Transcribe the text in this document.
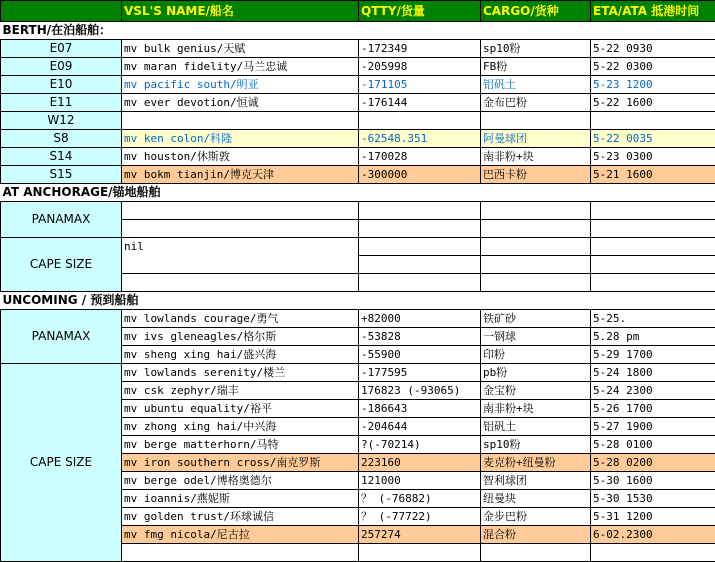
	VSL'S NAME/船名	QTTY/货量	CARGO/货种	ETA/ATA 抵港时间
BERTH/在泊船舶：				
E07	mv bulk genius/天赋	-172349	sp10粉	5-22 0930
E09	mv maran fidelity/马兰忠诚	-205998	FB粉	5-22 0300
E10	mv pacific south/明亚	-171105	铝矾土	5-23 1200
E11	mv ever devotion/恒诚	-176144	金布巴粉	5-22 1600
W12				
S8	mv ken colon/科隆	-62548.351	阿曼球团	5-22 0035
S14	mv houston/休斯敦	-170028	南非粉+块	5-23 0300
S15	mv bokm tianjin/博克天津	-300000	巴西卡粉	5-21 1600
AT ANCHORAGE/锚地船舶				
PANAMAX				

CAPE SIZE	nil			

UNCOMING / 预到船舶				
PANAMAX	mv lowlands courage/勇气	+82000	铁矿砂	5-25.
	mv ivs gleneagles/格尔斯	-53828	一钢球	5.28 pm
	mv sheng xing hai/盛兴海	-55900	印粉	5-29 1700
CAPE SIZE	mv lowlands serenity/楼兰	-177595	pb粉	5-24 1800
	mv csk zephyr/瑞丰	176823 (-93065)	金宝粉	5-24 2300
	mv ubuntu equality/裕平	-186643	南非粉+块	5-26 1700
	mv zhong xing hai/中兴海	-204644	铝矾土	5-27 1900
	mv berge matterhorn/马特	?(-70214)	sp10粉	5-28 0100
	mv iron southern cross/南克罗斯	223160	麦克粉+纽曼粉	5-28 0200
	mv berge odel/博格奥德尔	121000	智利球团	5-30 1600
	mv ioannis/燕妮斯	？ (-76882)	纽曼块	5-30 1530
	mv golden trust/环球诚信	？ (-77722)	金步巴粉	5-31 1200
	mv fmg nicola/尼古拉	257274	混合粉	6-02.2300
